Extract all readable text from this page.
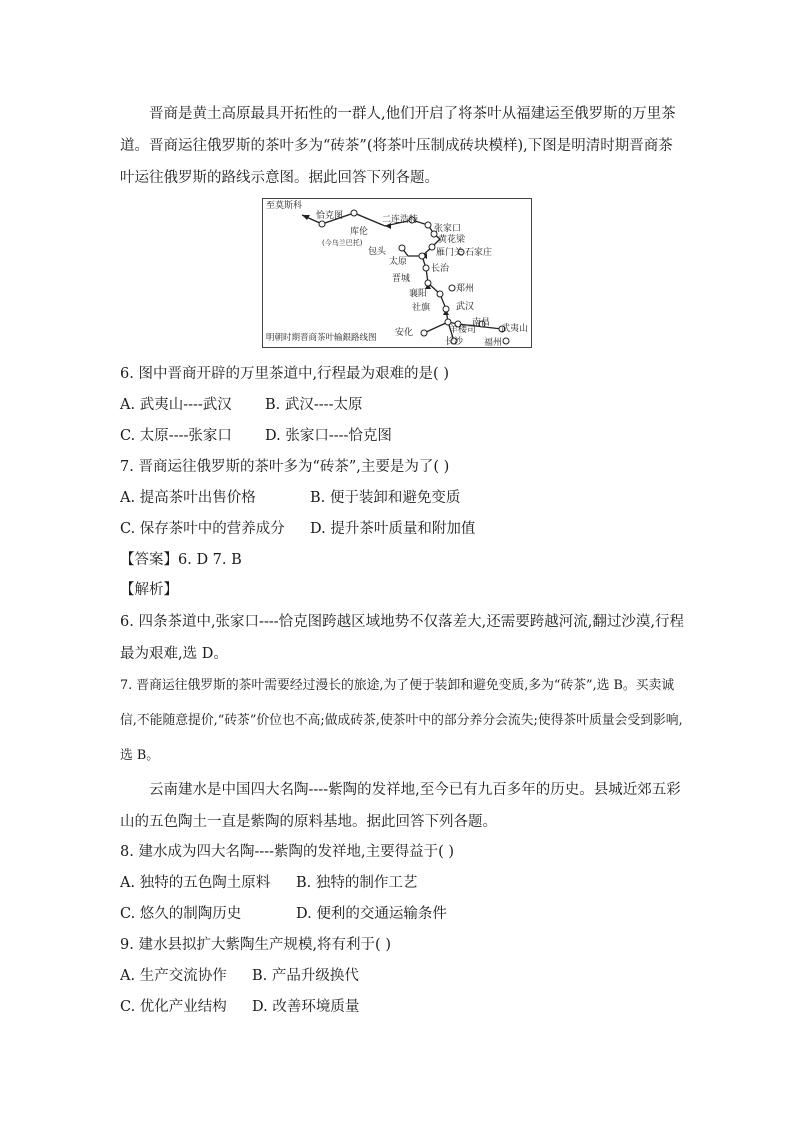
晋商是黄土高原最具开拓性的一群人,他们开启了将茶叶从福建运至俄罗斯的万里茶道。晋商运往俄罗斯的茶叶多为“砖茶”(将茶叶压制成砖块模样),下图是明清时期晋商茶叶运往俄罗斯的路线示意图。据此回答下列各题。

至莫斯科
恰克图
库伦
(今乌兰巴托)
二连浩特
张家口
黄花梁
包头	雁门关 石家庄
太原
长治
晋城
郑州
襄阳
社旗	武汉
安化	羊楼司
南昌
长沙
武夷山
福州
明朝时期晋商茶叶输銀路线图
6. 图中晋商开辟的万里茶道中,行程最为艰难的是( )
A. 武夷山----武汉 B. 武汉----太原
C. 太原----张家口 D. 张家口----恰克图
7. 晋商运往俄罗斯的茶叶多为“砖茶”,主要是为了( )
A. 提高茶叶出售价格	B. 便于装卸和避免变质
C. 保存茶叶中的营养成分 D. 提升茶叶质量和附加值
【答案】6. D 7. B
【解析】

6. 四条茶道中,张家口----恰克图跨越区域地势不仅落差大,还需要跨越河流,翻过沙漠,行程最为艰难,选 D。

7. 晋商运往俄罗斯的茶叶需要经过漫长的旅途,为了便于装卸和避免变质,多为“砖茶”,选 B。买卖诚信,不能随意提价,“砖茶”价位也不高;做成砖茶,使茶叶中的部分养分会流失;使得茶叶质量会受到影响,选 B。

云南建水是中国四大名陶----紫陶的发祥地,至今已有九百多年的历史。县城近郊五彩山的五色陶土一直是紫陶的原料基地。据此回答下列各题。

8. 建水成为四大名陶----紫陶的发祥地,主要得益于( )
A. 独特的五色陶土原料 B. 独特的制作工艺
C. 悠久的制陶历史	D. 便利的交通运输条件
9. 建水县拟扩大紫陶生产规模,将有利于( )
A. 生产交流协作 B. 产品升级换代
C. 优化产业结构 D. 改善环境质量
